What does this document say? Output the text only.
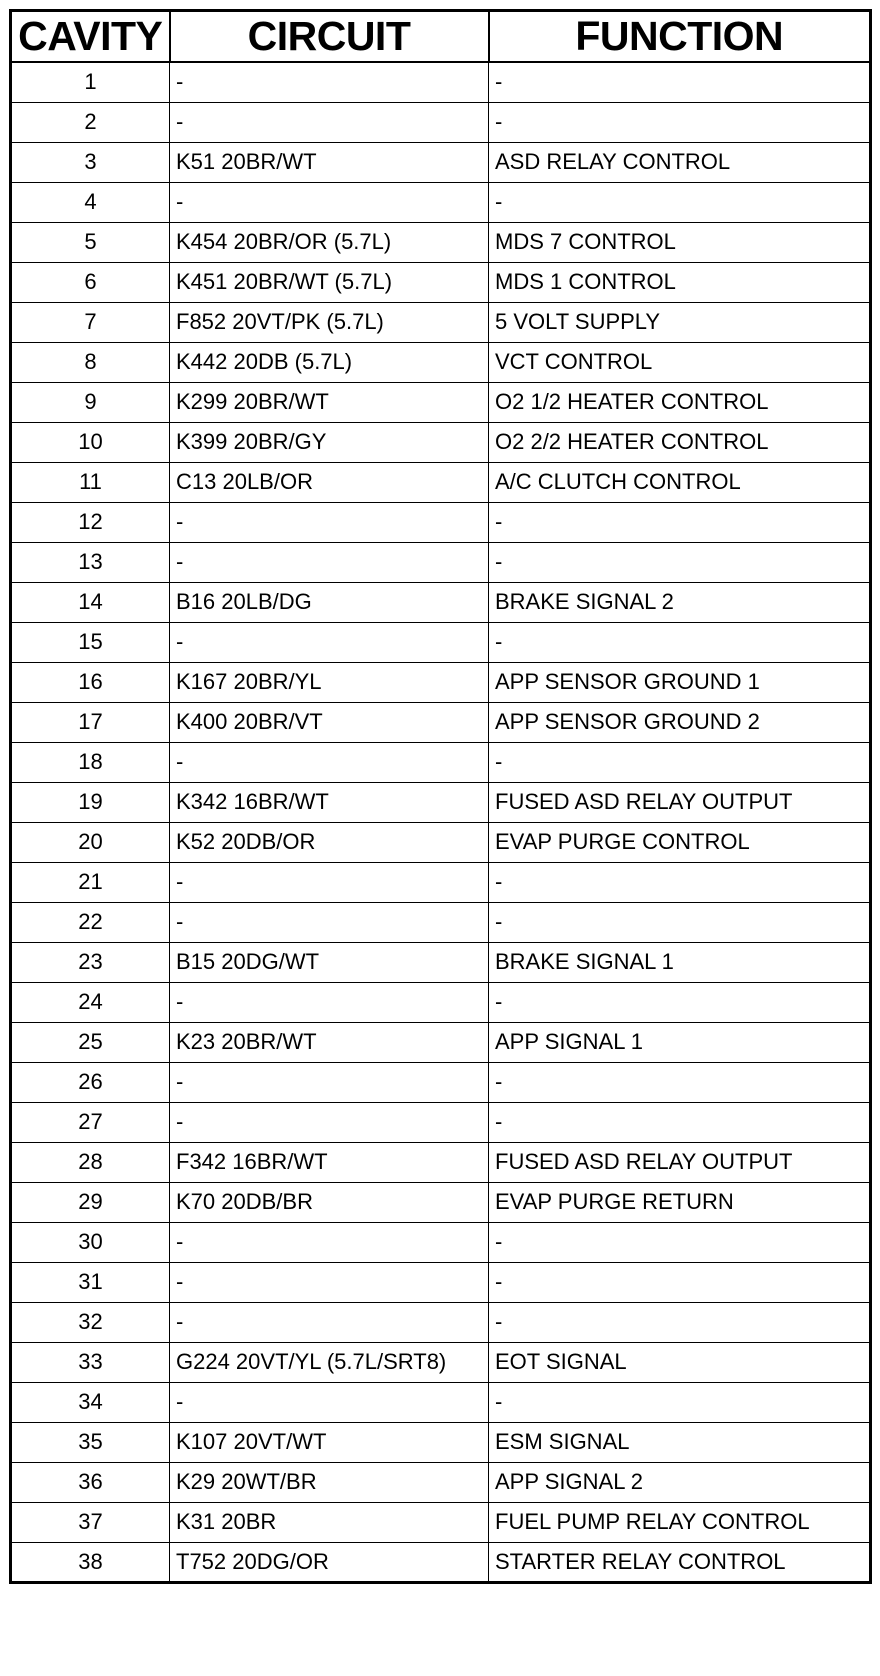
CAVITY	CIRCUIT	FUNCTION
1	-	-
2	-	-
3	K51 20BR/WT	ASD RELAY CONTROL
4	-	-
5	K454 20BR/OR (5.7L)	MDS 7 CONTROL
6	K451 20BR/WT (5.7L)	MDS 1 CONTROL
7	F852 20VT/PK (5.7L)	5 VOLT SUPPLY
8	K442 20DB (5.7L)	VCT CONTROL
9	K299 20BR/WT	O2 1/2 HEATER CONTROL
10	K399 20BR/GY	O2 2/2 HEATER CONTROL
11	C13 20LB/OR	A/C CLUTCH CONTROL
12	-	-
13	-	-
14	B16 20LB/DG	BRAKE SIGNAL 2
15	-	-
16	K167 20BR/YL	APP SENSOR GROUND 1
17	K400 20BR/VT	APP SENSOR GROUND 2
18	-	-
19	K342 16BR/WT	FUSED ASD RELAY OUTPUT
20	K52 20DB/OR	EVAP PURGE CONTROL
21	-	-
22	-	-
23	B15 20DG/WT	BRAKE SIGNAL 1
24	-	-
25	K23 20BR/WT	APP SIGNAL 1
26	-	-
27	-	-
28	F342 16BR/WT	FUSED ASD RELAY OUTPUT
29	K70 20DB/BR	EVAP PURGE RETURN
30	-	-
31	-	-
32	-	-
33	G224 20VT/YL (5.7L/SRT8)	EOT SIGNAL
34	-	-
35	K107 20VT/WT	ESM SIGNAL
36	K29 20WT/BR	APP SIGNAL 2
37	K31 20BR	FUEL PUMP RELAY CONTROL
38	T752 20DG/OR	STARTER RELAY CONTROL
